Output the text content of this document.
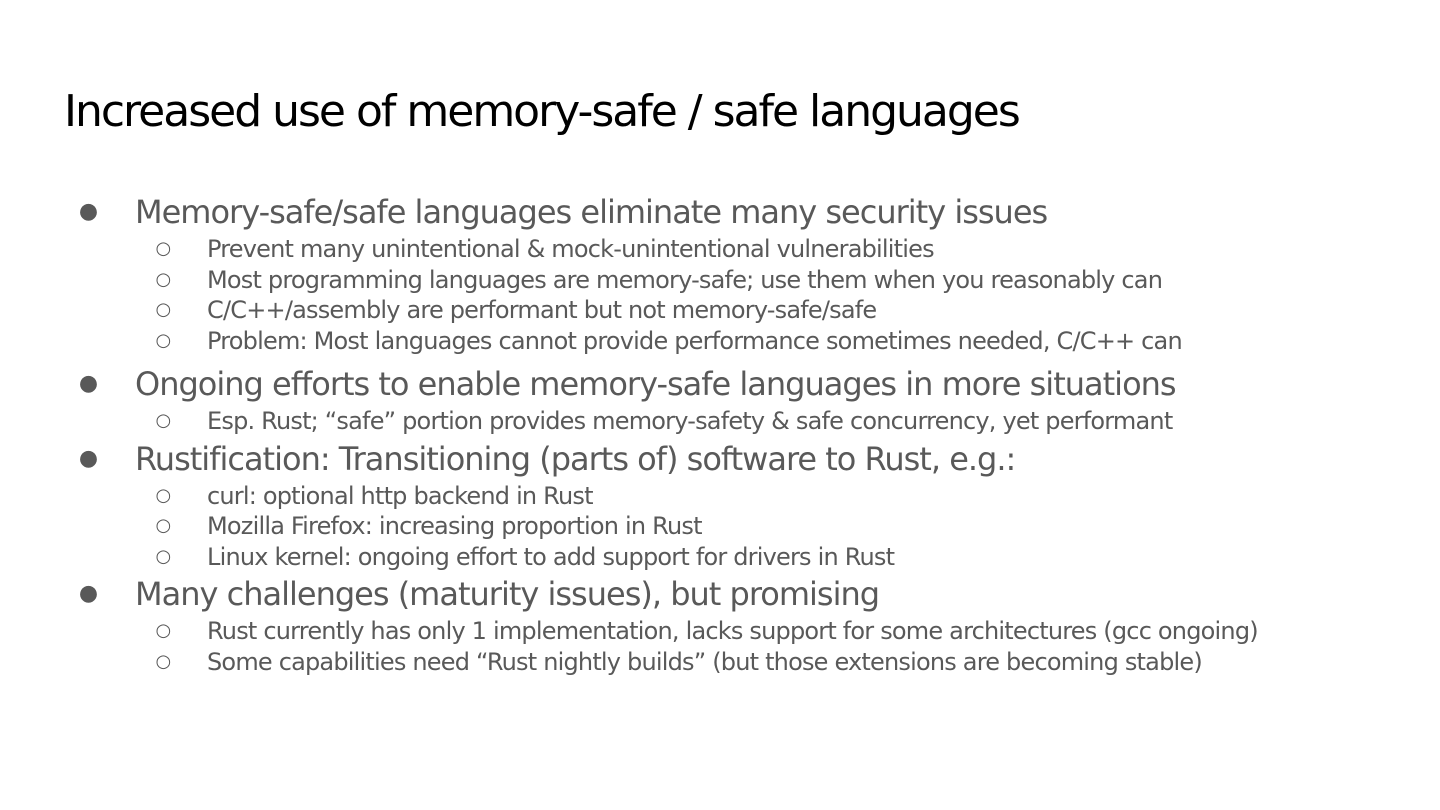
Increased use of memory-safe / safe languages
● Memory-safe/safe languages eliminate many security issues
○ Prevent many unintentional & mock-unintentional vulnerabilities
○ Most programming languages are memory-safe; use them when you reasonably can
○ C/C++/assembly are performant but not memory-safe/safe
○ Problem: Most languages cannot provide performance sometimes needed, C/C++ can
● Ongoing efforts to enable memory-safe languages in more situations
○ Esp. Rust; “safe” portion provides memory-safety & safe concurrency, yet performant
● Rustification: Transitioning (parts of) software to Rust, e.g.:
○ curl: optional http backend in Rust
○ Mozilla Firefox: increasing proportion in Rust
○ Linux kernel: ongoing effort to add support for drivers in Rust
● Many challenges (maturity issues), but promising
○ Rust currently has only 1 implementation, lacks support for some architectures (gcc ongoing)
○ Some capabilities need “Rust nightly builds” (but those extensions are becoming stable)
